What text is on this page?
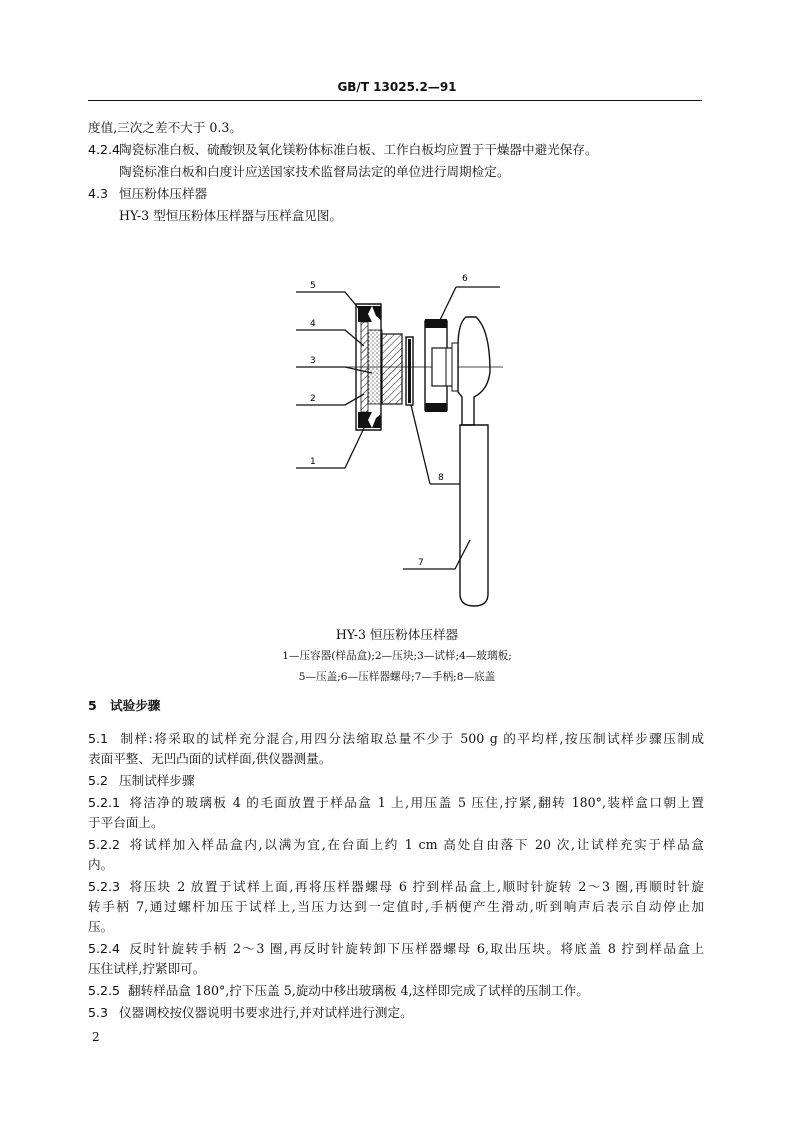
GB/T 13025.2—91
度值,三次之差不大于 0.3。
4.2.4陶瓷标准白板、硫酸钡及氧化镁粉体标准白板、工作白板均应置于干燥器中避光保存。
陶瓷标准白板和白度计应送国家技术监督局法定的单位进行周期检定。
4.3 恒压粉体压样器
HY-3 型恒压粉体压样器与压样盒见图。
5
4
3
2
1
6
8
7
HY-3 恒压粉体压样器
1—压容器(样品盒);2—压块;3—试样;4—玻璃板;
5—压盖;6—压样器螺母;7—手柄;8—底盖
5 试验步骤
5.1 制样:将采取的试样充分混合,用四分法缩取总量不少于 500 g 的平均样,按压制试样步骤压制成
表面平整、无凹凸面的试样面,供仪器测量。
5.2 压制试样步骤
5.2.1 将洁净的玻璃板 4 的毛面放置于样品盒 1 上,用压盖 5 压住,拧紧,翻转 180°,装样盒口朝上置
于平台面上。
5.2.2 将试样加入样品盒内,以满为宜,在台面上约 1 cm 高处自由落下 20 次,让试样充实于样品盒
内。
5.2.3 将压块 2 放置于试样上面,再将压样器螺母 6 拧到样品盒上,顺时针旋转 2～3 圈,再顺时针旋
转手柄 7,通过螺杆加压于试样上,当压力达到一定值时,手柄便产生滑动,听到响声后表示自动停止加
压。
5.2.4 反时针旋转手柄 2～3 圈,再反时针旋转卸下压样器螺母 6,取出压块。将底盖 8 拧到样品盒上
压住试样,拧紧即可。
5.2.5 翻转样品盒 180°,拧下压盖 5,旋动中移出玻璃板 4,这样即完成了试样的压制工作。
5.3 仪器调校按仪器说明书要求进行,并对试样进行测定。
2
